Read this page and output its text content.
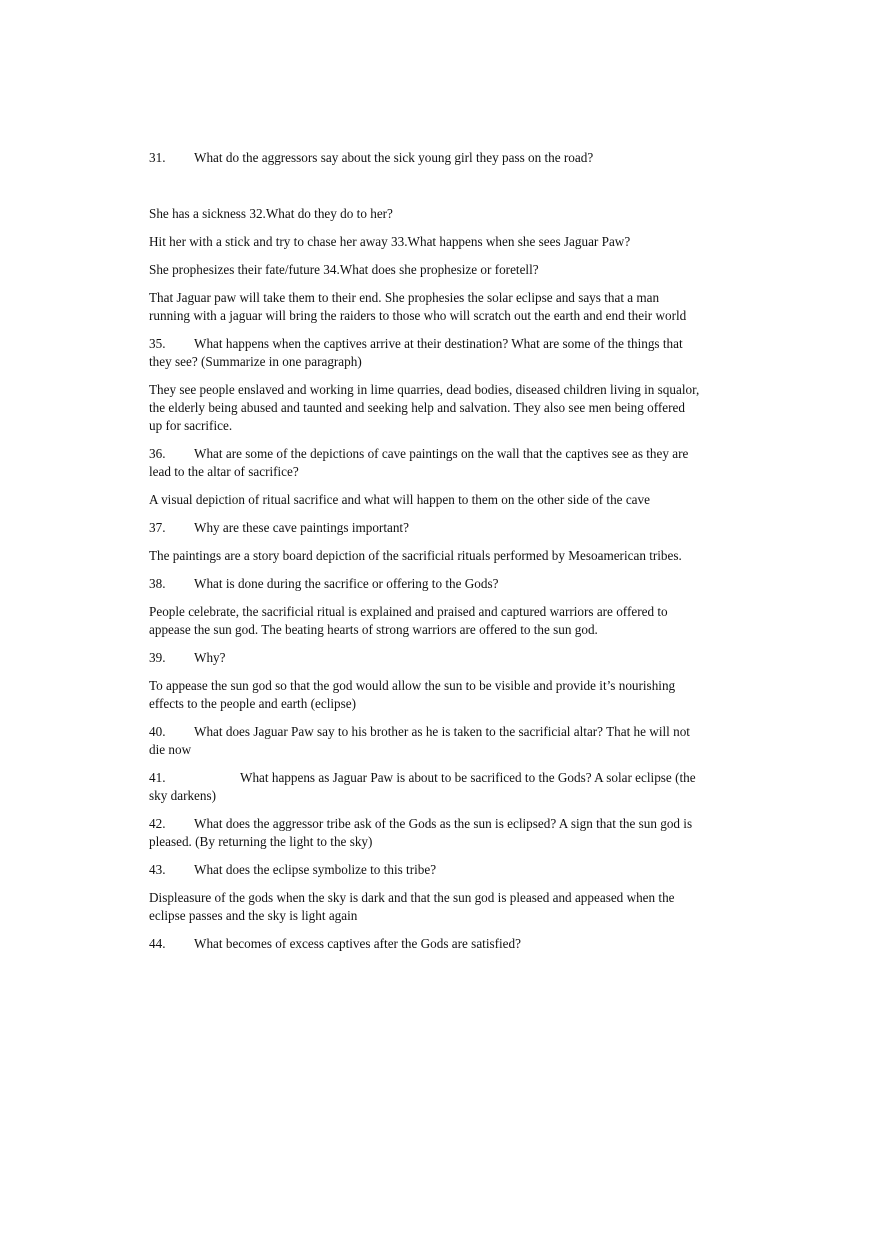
31. What do the aggressors say about the sick young girl they pass on the road?
She has a sickness 32.What do they do to her?
Hit her with a stick and try to chase her away 33.What happens when she sees Jaguar Paw?
She prophesizes their fate/future 34.What does she prophesize or foretell?
That Jaguar paw will take them to their end. She prophesies the solar eclipse and says that a man
running with a jaguar will bring the raiders to those who will scratch out the earth and end their world
35. What happens when the captives arrive at their destination? What are some of the things that
they see? (Summarize in one paragraph)
They see people enslaved and working in lime quarries, dead bodies, diseased children living in squalor,
the elderly being abused and taunted and seeking help and salvation. They also see men being offered
up for sacrifice.
36. What are some of the depictions of cave paintings on the wall that the captives see as they are
lead to the altar of sacrifice?
A visual depiction of ritual sacrifice and what will happen to them on the other side of the cave
37. Why are these cave paintings important?
The paintings are a story board depiction of the sacrificial rituals performed by Mesoamerican tribes.
38. What is done during the sacrifice or offering to the Gods?
People celebrate, the sacrificial ritual is explained and praised and captured warriors are offered to
appease the sun god. The beating hearts of strong warriors are offered to the sun god.
39. Why?
To appease the sun god so that the god would allow the sun to be visible and provide it’s nourishing
effects to the people and earth (eclipse)
40. What does Jaguar Paw say to his brother as he is taken to the sacrificial altar? That he will not
die now
41.	What happens as Jaguar Paw is about to be sacrificed to the Gods? A solar eclipse (the
sky darkens)
42. What does the aggressor tribe ask of the Gods as the sun is eclipsed? A sign that the sun god is
pleased. (By returning the light to the sky)
43. What does the eclipse symbolize to this tribe?
Displeasure of the gods when the sky is dark and that the sun god is pleased and appeased when the
eclipse passes and the sky is light again
44. What becomes of excess captives after the Gods are satisfied?
